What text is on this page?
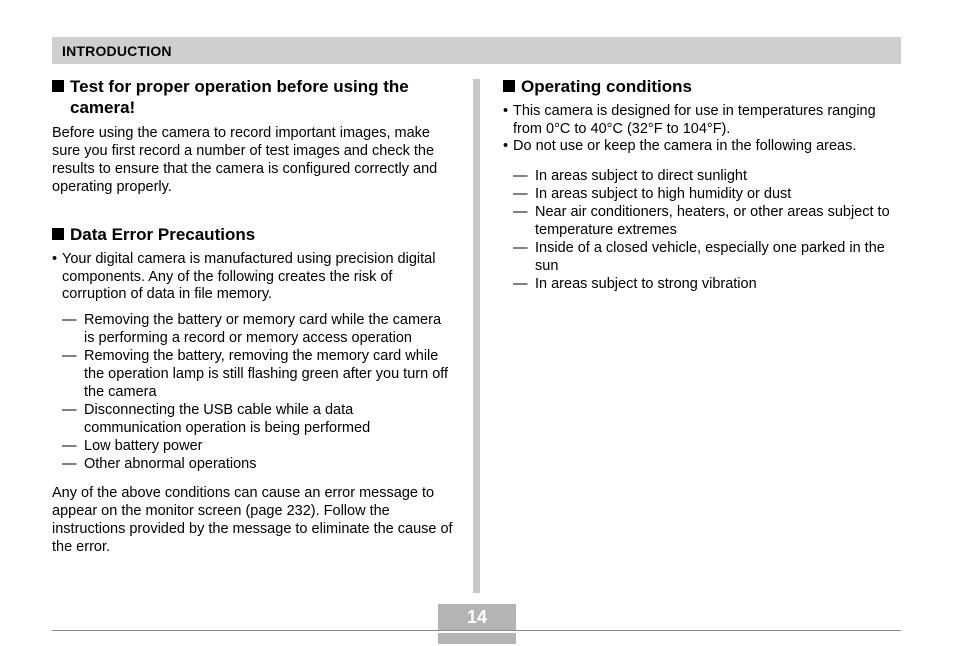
INTRODUCTION
Test for proper operation before using the camera!

Before using the camera to record important images, make sure you first record a number of test images and check the results to ensure that the camera is configured correctly and operating properly.

Data Error Precautions
• Your digital camera is manufactured using precision digital components. Any of the following creates the risk of corruption of data in file memory.
— Removing the battery or memory card while the camera is performing a record or memory access operation
— Removing the battery, removing the memory card while the operation lamp is still flashing green after you turn off the camera
— Disconnecting the USB cable while a data communication operation is being performed
— Low battery power
— Other abnormal operations

Any of the above conditions can cause an error message to appear on the monitor screen (page 232). Follow the instructions provided by the message to eliminate the cause of the error.

Operating conditions
• This camera is designed for use in temperatures ranging from 0°C to 40°C (32°F to 104°F).
• Do not use or keep the camera in the following areas.
— In areas subject to direct sunlight
— In areas subject to high humidity or dust
— Near air conditioners, heaters, or other areas subject to temperature extremes
— Inside of a closed vehicle, especially one parked in the sun
— In areas subject to strong vibration
14
